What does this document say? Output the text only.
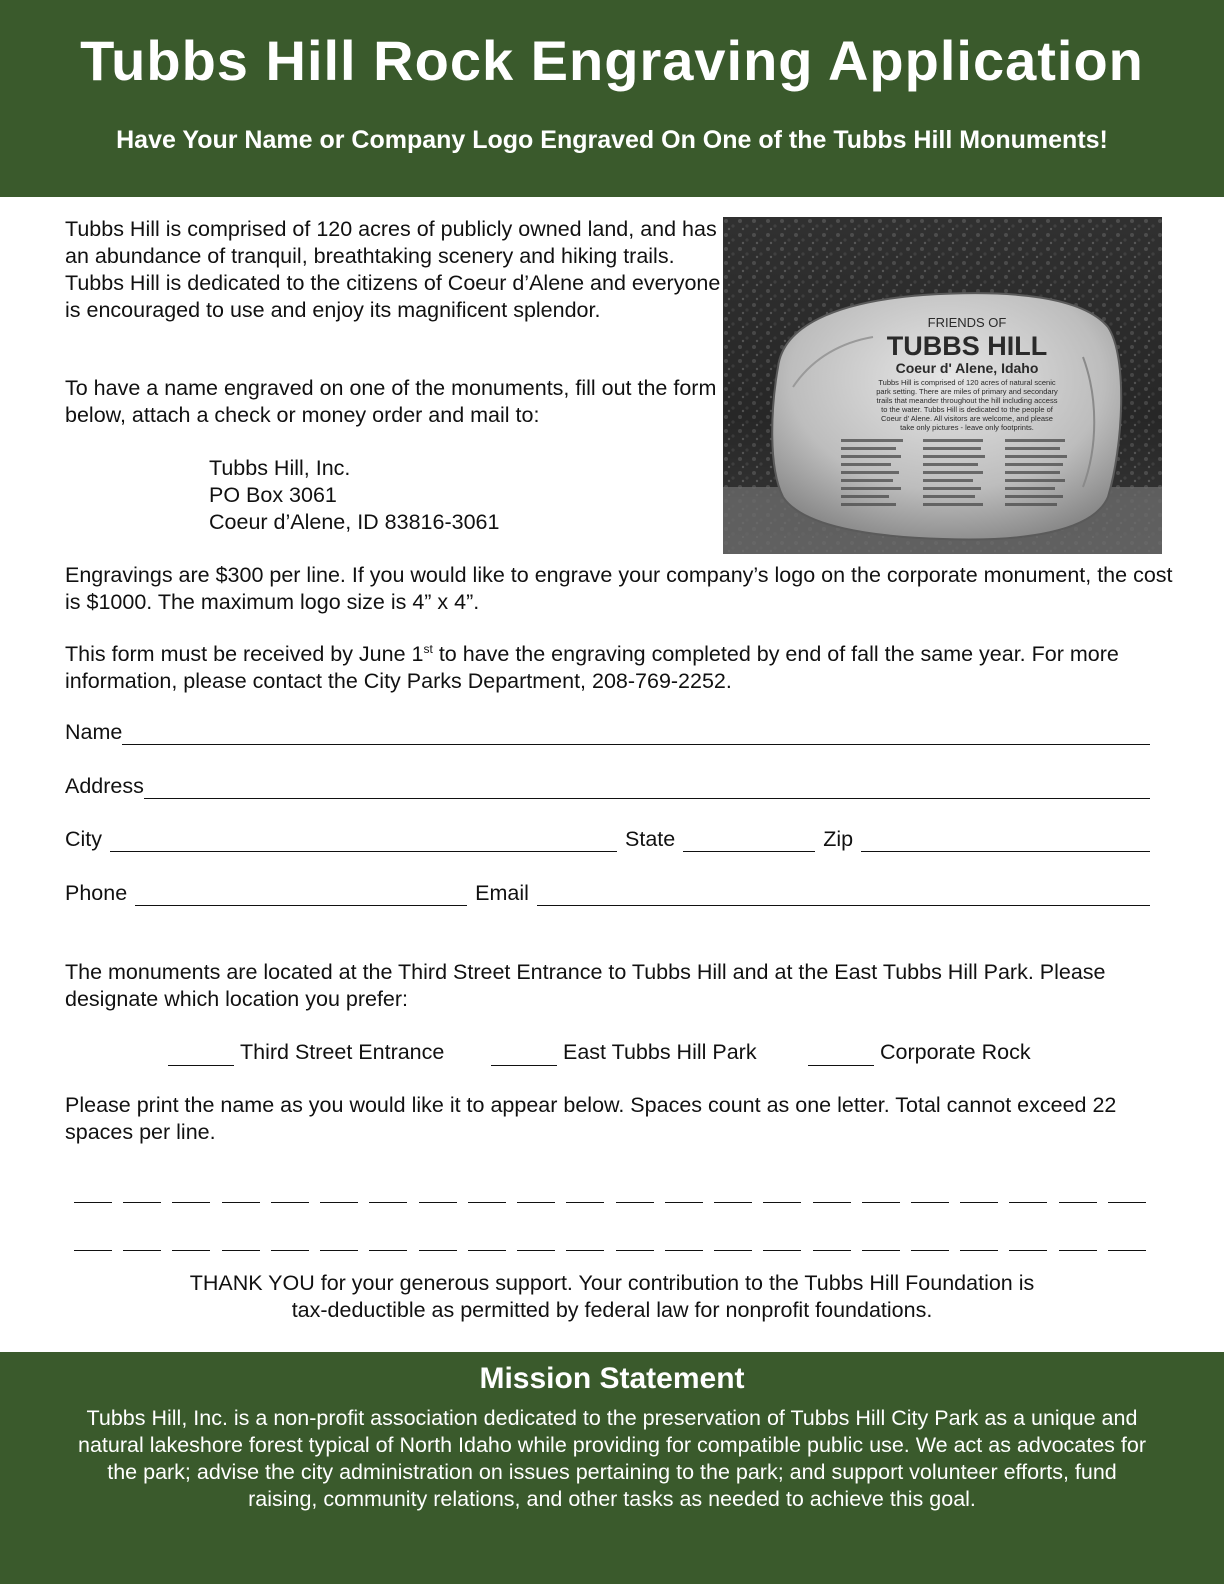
Tubbs Hill Rock Engraving Application
Have Your Name or Company Logo Engraved On One of the Tubbs Hill Monuments!

Tubbs Hill is comprised of 120 acres of publicly owned land, and has an abundance of tranquil, breathtaking scenery and hiking trails. Tubbs Hill is dedicated to the citizens of Coeur d’Alene and everyone is encouraged to use and enjoy its magnificent splendor.

To have a name engraved on one of the monuments, fill out the form below, attach a check or money order and mail to:

Tubbs Hill, Inc.
PO Box 3061
Coeur d’Alene, ID 83816-3061
FRIENDS OF
TUBBS HILL
Coeur d' Alene, Idaho
Tubbs Hill is comprised of 120 acres of natural scenic
park setting. There are miles of primary and secondary
trails that meander throughout the hill including access
to the water. Tubbs Hill is dedicated to the people of
Coeur d' Alene. All visitors are welcome, and please
take only pictures - leave only footprints.

Engravings are $300 per line. If you would like to engrave your company’s logo on the corporate monument, the cost is $1000. The maximum logo size is 4” x 4”.

This form must be received by June 1st to have the engraving completed by end of fall the same year. For more information, please contact the City Parks Department, 208-769-2252.

Name
Address
City	State	Zip
Phone	Email

The monuments are located at the Third Street Entrance to Tubbs Hill and at the East Tubbs Hill Park. Please designate which location you prefer:

Third Street Entrance	East Tubbs Hill Park	Corporate Rock

Please print the name as you would like it to appear below. Spaces count as one letter. Total cannot exceed 22 spaces per line.

THANK YOU for your generous support. Your contribution to the Tubbs Hill Foundation is
tax-deductible as permitted by federal law for nonprofit foundations.
Mission Statement
Tubbs Hill, Inc. is a non-profit association dedicated to the preservation of Tubbs Hill City Park as a unique and natural lakeshore forest typical of North Idaho while providing for compatible public use. We act as advocates for the park; advise the city administration on issues pertaining to the park; and support volunteer efforts, fund raising, community relations, and other tasks as needed to achieve this goal.
